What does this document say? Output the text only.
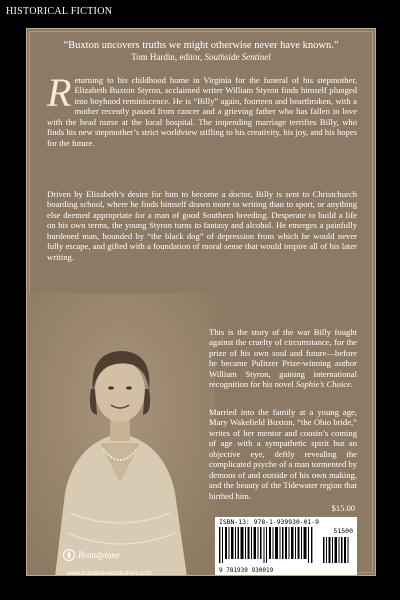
HISTORICAL FICTION
“Buxton uncovers truths we might otherwise never have known.”
Tom Hardin, editor, Southside Sentinel
Returning to his childhood home in Virginia for the funeral of his stepmother, Elizabeth Buxton Styron, acclaimed writer William Styron finds himself plunged into boyhood reminiscence. He is “Billy” again, fourteen and heartbroken, with a mother recently passed from cancer and a grieving father who has fallen in love with the head nurse at the local hospital. The impending marriage terrifies Billy, who finds his new stepmother’s strict worldview stifling to his creativity, his joy, and his hopes for the future.
Driven by Elizabeth’s desire for him to become a doctor, Billy is sent to Christchurch boarding school, where he finds himself drawn more to writing than to sport, or anything else deemed appropriate for a man of good Southern breeding. Desperate to build a life on his own terms, the young Styron turns to fantasy and alcohol. He emerges a painfully burdened man, hounded by “the black dog” of depression from which he would never fully escape, and gifted with a foundation of moral sense that would inspire all of his later writing.
This is the story of the war Billy fought against the cruelty of circumstance, for the prize of his own soul and future—before he became Pulitzer Prize-winning author William Styron, gaining international recognition for his novel Sophie’s Choice.
Married into the family at a young age, Mary Wakefield Buxton, “the Ohio bride,” writes of her mentor and cousin’s coming of age with a sympathetic spirit but an objective eye, deftly revealing the complicated psyche of a man tormented by demons of and outside of his own making, and the beauty of the Tidewater region that birthed him.
$15.00
ISBN-13: 978-1-939930-01-9
51500
9 781939 930019
Brandylane
www.brandylanepublishers.com
